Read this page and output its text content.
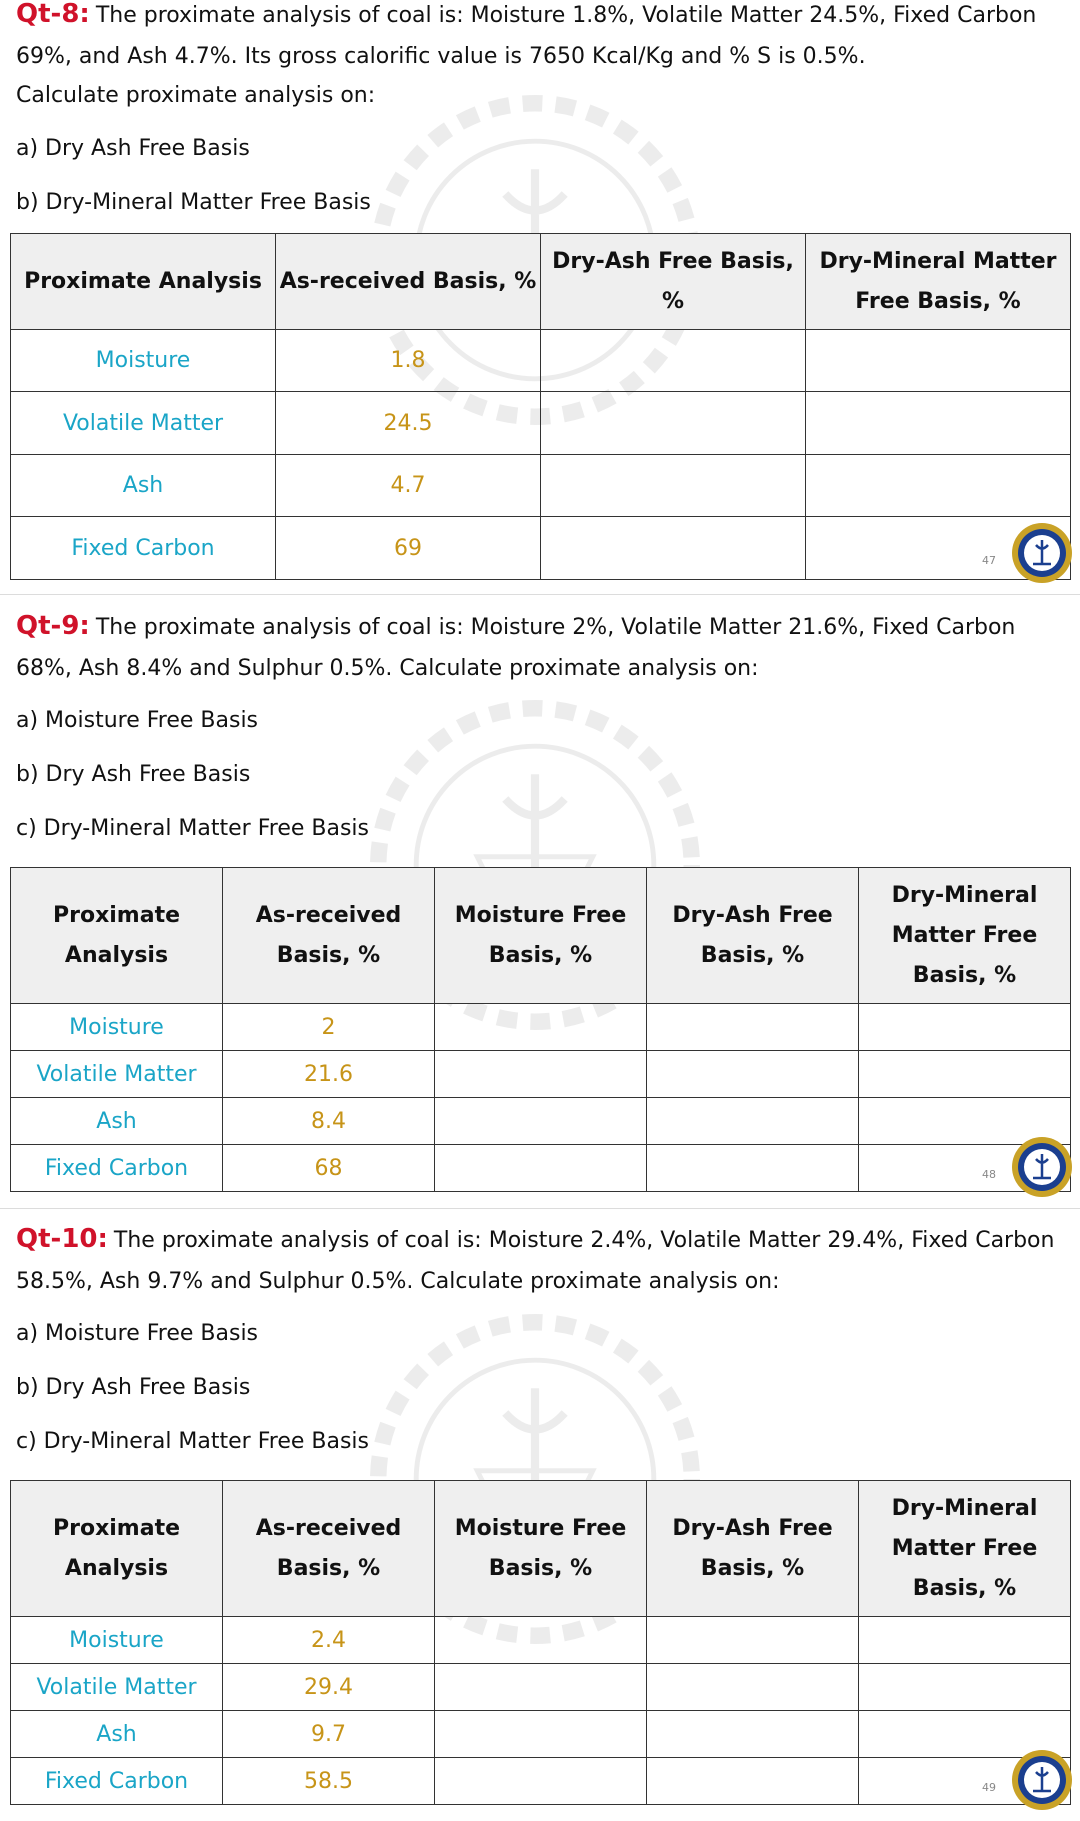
Qt-8: The proximate analysis of coal is: Moisture 1.8%, Volatile Matter 24.5%, Fixed Carbon 69%, and Ash 4.7%. Its gross calorific value is 7650 Kcal/Kg and % S is 0.5%.
Calculate proximate analysis on:
a) Dry Ash Free Basis
b) Dry-Mineral Matter Free Basis
Proximate Analysis	As-received Basis, %	Dry-Ash Free Basis, %	Dry-Mineral Matter Free Basis, %
Moisture	1.8		
Volatile Matter	24.5		
Ash	4.7		
Fixed Carbon	69			47
Qt-9: The proximate analysis of coal is: Moisture 2%, Volatile Matter 21.6%, Fixed Carbon 68%, Ash 8.4% and Sulphur 0.5%. Calculate proximate analysis on:
a) Moisture Free Basis
b) Dry Ash Free Basis
c) Dry-Mineral Matter Free Basis
Proximate Analysis	As-received Basis, %	Moisture Free Basis, %	Dry-Ash Free Basis, %	Dry-Mineral Matter Free Basis, %
Moisture	2			
Volatile Matter	21.6			
Ash	8.4			
Fixed Carbon	68				48
Qt-10: The proximate analysis of coal is: Moisture 2.4%, Volatile Matter 29.4%, Fixed Carbon 58.5%, Ash 9.7% and Sulphur 0.5%. Calculate proximate analysis on:
a) Moisture Free Basis
b) Dry Ash Free Basis
c) Dry-Mineral Matter Free Basis
Proximate Analysis	As-received Basis, %	Moisture Free Basis, %	Dry-Ash Free Basis, %	Dry-Mineral Matter Free Basis, %
Moisture	2.4			
Volatile Matter	29.4			
Ash	9.7			
Fixed Carbon	58.5				49
